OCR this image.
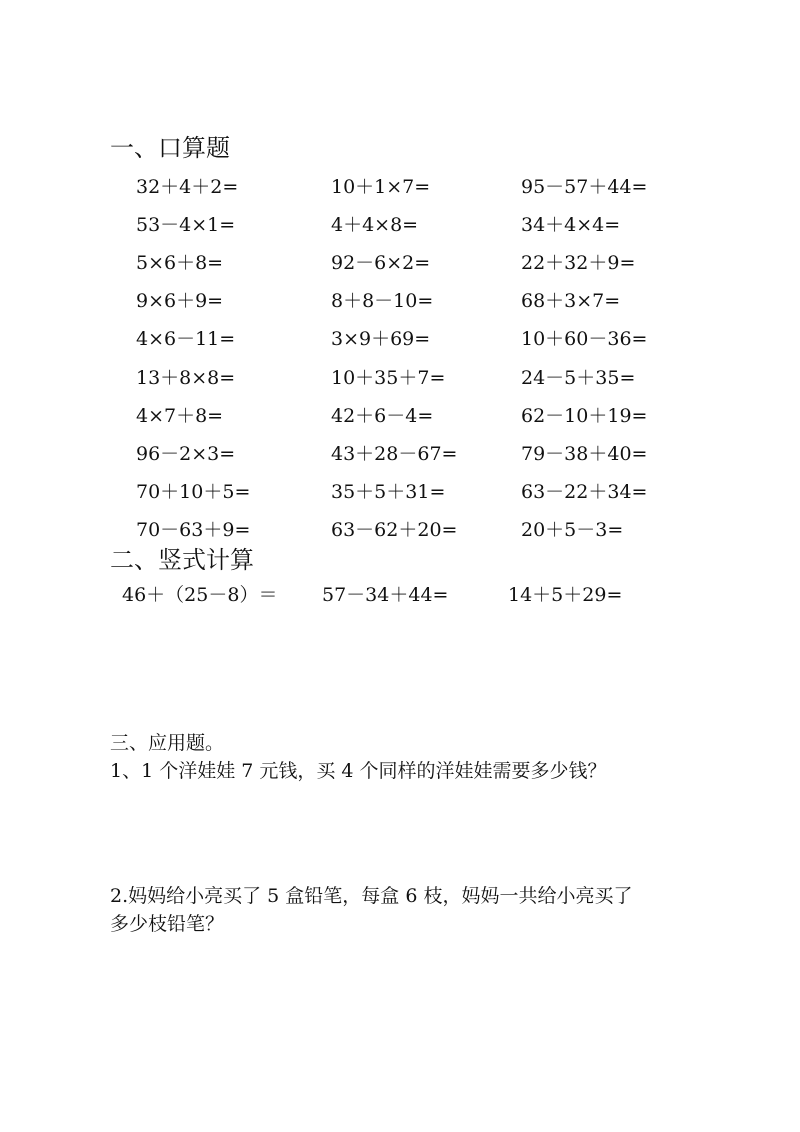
一、口算题
32＋4＋2=	10＋1×7=	95－57＋44=
53－4×1=	4＋4×8=	34＋4×4=
5×6＋8=	92－6×2=	22＋32＋9=
9×6＋9=	8＋8－10=	68＋3×7=
4×6－11=	3×9＋69=	10＋60－36=
13＋8×8=	10＋35＋7=	24－5＋35=
4×7＋8=	42＋6－4=	62－10＋19=
96－2×3=	43＋28－67=	79－38＋40=
70＋10＋5=	35＋5＋31=	63－22＋34=
70－63＋9=	63－62＋20=	20＋5－3=
二、竖式计算
46＋（25－8）＝	57－34＋44=	14＋5＋29=
三、应用题。
1、1 个洋娃娃 7 元钱，买 4 个同样的洋娃娃需要多少钱？
2.妈妈给小亮买了 5 盒铅笔，每盒 6 枝，妈妈一共给小亮买了
多少枝铅笔？
